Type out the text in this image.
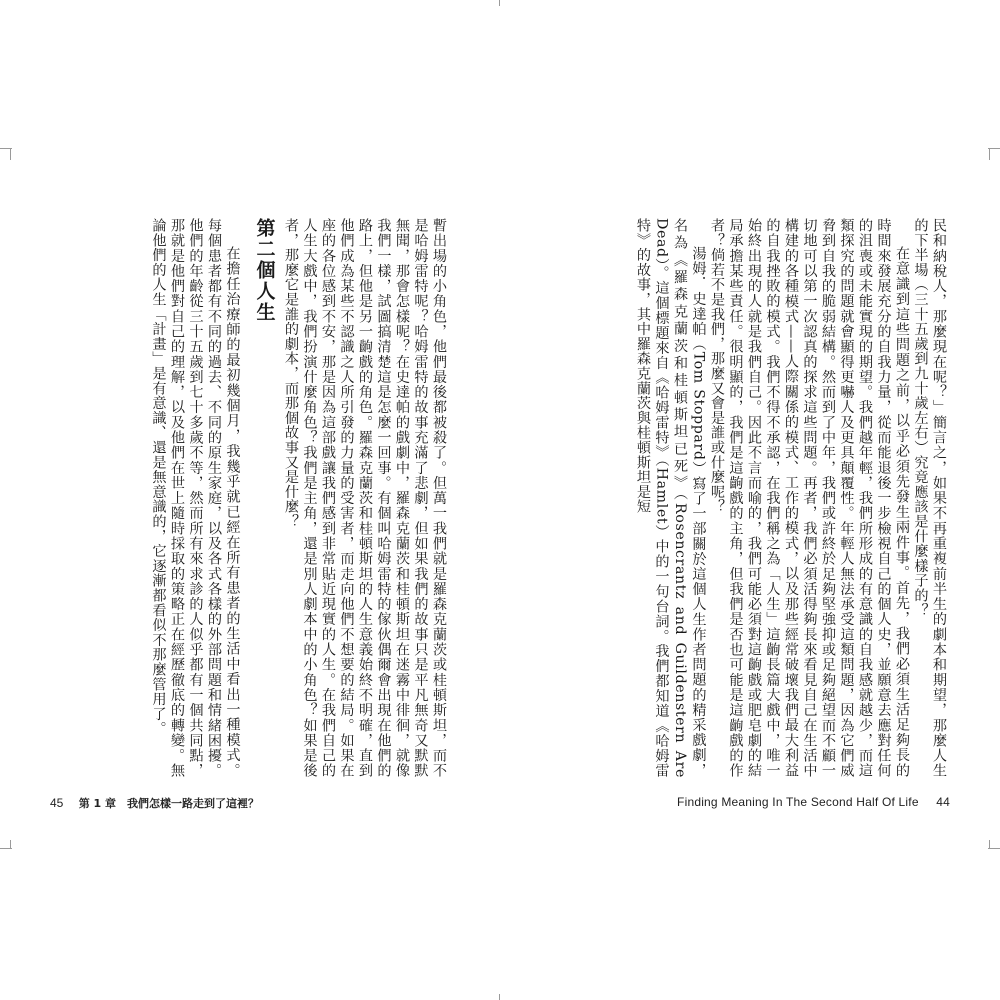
暫出場的小角色，他們最後都被殺了。但萬一我們就是羅森克蘭茨或桂頓斯坦，而不是哈姆雷特呢？哈姆雷特的故事充滿了悲劇，但如果我們的故事只是平凡無奇又默默無聞，那會怎樣呢？在史達帕的戲劇中，羅森克蘭茨和桂頓斯坦在迷霧中徘徊，就像我們一樣，試圖搞清楚這是怎麼一回事。有個叫哈姆雷特的傢伙偶爾會出現在他們的路上，但他是另一齣戲的角色。羅森克蘭茨和桂頓斯坦的人生意義始終不明確，直到他們成為某些不認識之人所引發的力量的受害者，而走向他們不想要的結局。如果在座的各位感到不安，那是因為這部戲讓我們感到非常貼近現實的人生。在我們自己的人生大戲中，我們扮演什麼角色？我們是主角，還是別人劇本中的小角色？如果是後者，那麼它是誰的劇本，而那個故事又是什麼？

第二個人生

在擔任治療師的最初幾個月，我幾乎就已經在所有患者的生活中看出一種模式。每個患者都有不同的過去、不同的原生家庭，以及各式各樣的外部問題和情緒困擾。他們的年齡從三十五歲到七十多歲不等，然而所有來求診的人似乎都有一個共同點，那就是他們對自己的理解，以及他們在世上隨時採取的策略正在經歷徹底的轉變。無論他們的人生「計畫」是有意識、還是無意識的，它逐漸都看似不那麼管用了。

45 第 1 章　我們怎樣一路走到了這裡？

民和納稅人，那麼現在呢？」簡言之，如果不再重複前半生的劇本和期望，那麼人生的下半場（三十五歲到九十歲左右）究竟應該是什麼樣子的？

在意識到這些問題之前，以乎必須先發生兩件事。首先，我們必須生活足夠長的時間來發展充分的自我力量，從而能退後一步檢視自己的個人史，並願意去應對任何的沮喪或未能實現的期望。我們越年輕，我們所形成的有意識的自我感就越少，而這類探究的問題就會顯得更嚇人及更具顛覆性。年輕人無法承受這類問題，因為它們威脅到自我的脆弱結構。然而到了中年，我們或許終於足夠堅強抑或足夠絕望而不顧一切地可以第一次認真的探求這些問題。再者，我們必須活得夠長來看見自己在生活中構建的各種模式——人際關係的模式、工作的模式，以及那些經常破壞我們最大利益的自我挫敗的模式。我們不得不承認，在我們稱之為「人生」這齣長篇大戲中，唯一始終出現的人就是我們自己。因此不言而喻的，我們可能必須對這齣戲或肥皂劇的結局承擔某些責任。很明顯的，我們是這齣戲的主角，但我們是否也可能是這齣戲的作者？倘若不是我們，那麼又會是誰或什麼呢？

湯姆．史達帕（Tom Stoppard）寫了一部關於這個人生作者問題的精采戲劇，名為《羅森克蘭茨和桂頓斯坦已死》（Rosencrantz and Guildenstern Are Dead）。這個標題來自《哈姆雷特》（Hamlet）中的一句台詞。我們都知道《哈姆雷特》的故事，其中羅森克蘭茨與桂頓斯坦是短

Finding Meaning In The Second Half Of Life 44
